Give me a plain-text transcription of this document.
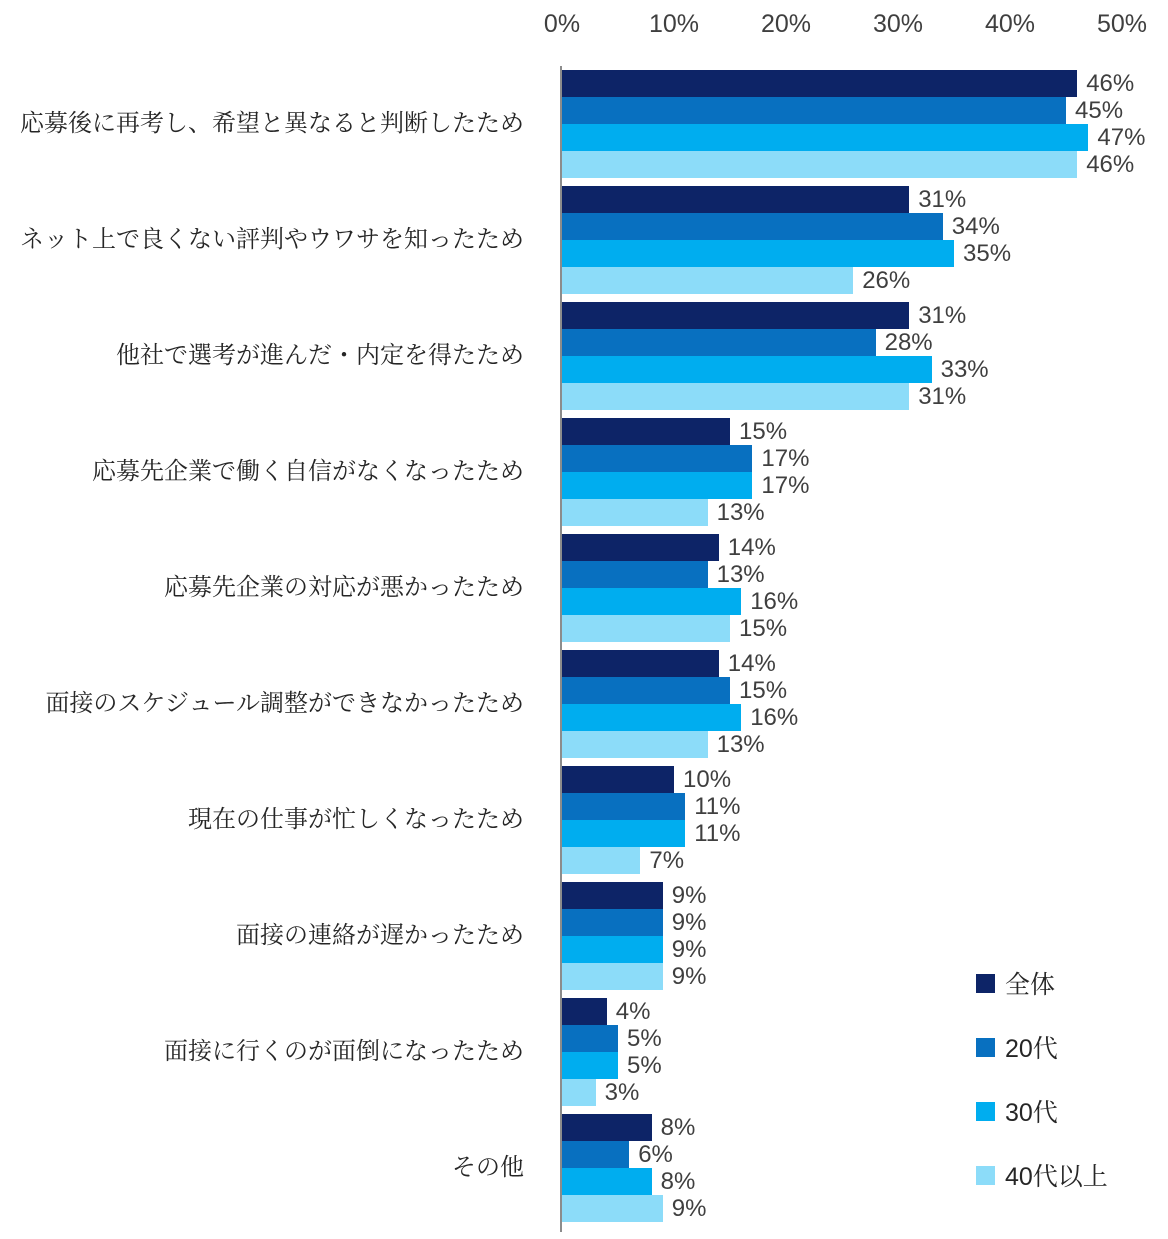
0%	10%	20%	30%	40%	50%
応募後に再考し、希望と異なると判断したため
46%
45%
47%
46%
ネット上で良くない評判やウワサを知ったため
31%
34%
35%
26%
他社で選考が進んだ・内定を得たため
31%
28%
33%
31%
応募先企業で働く自信がなくなったため
15%
17%
17%
13%
応募先企業の対応が悪かったため
14%
13%
16%
15%
面接のスケジュール調整ができなかったため
14%
15%
16%
13%
現在の仕事が忙しくなったため
10%
11%
11%
7%
面接の連絡が遅かったため
9%
9%
9%
9%
面接に行くのが面倒になったため
4%
5%
5%
3%
その他
8%
6%
8%
9%
全体
20代
30代
40代以上
